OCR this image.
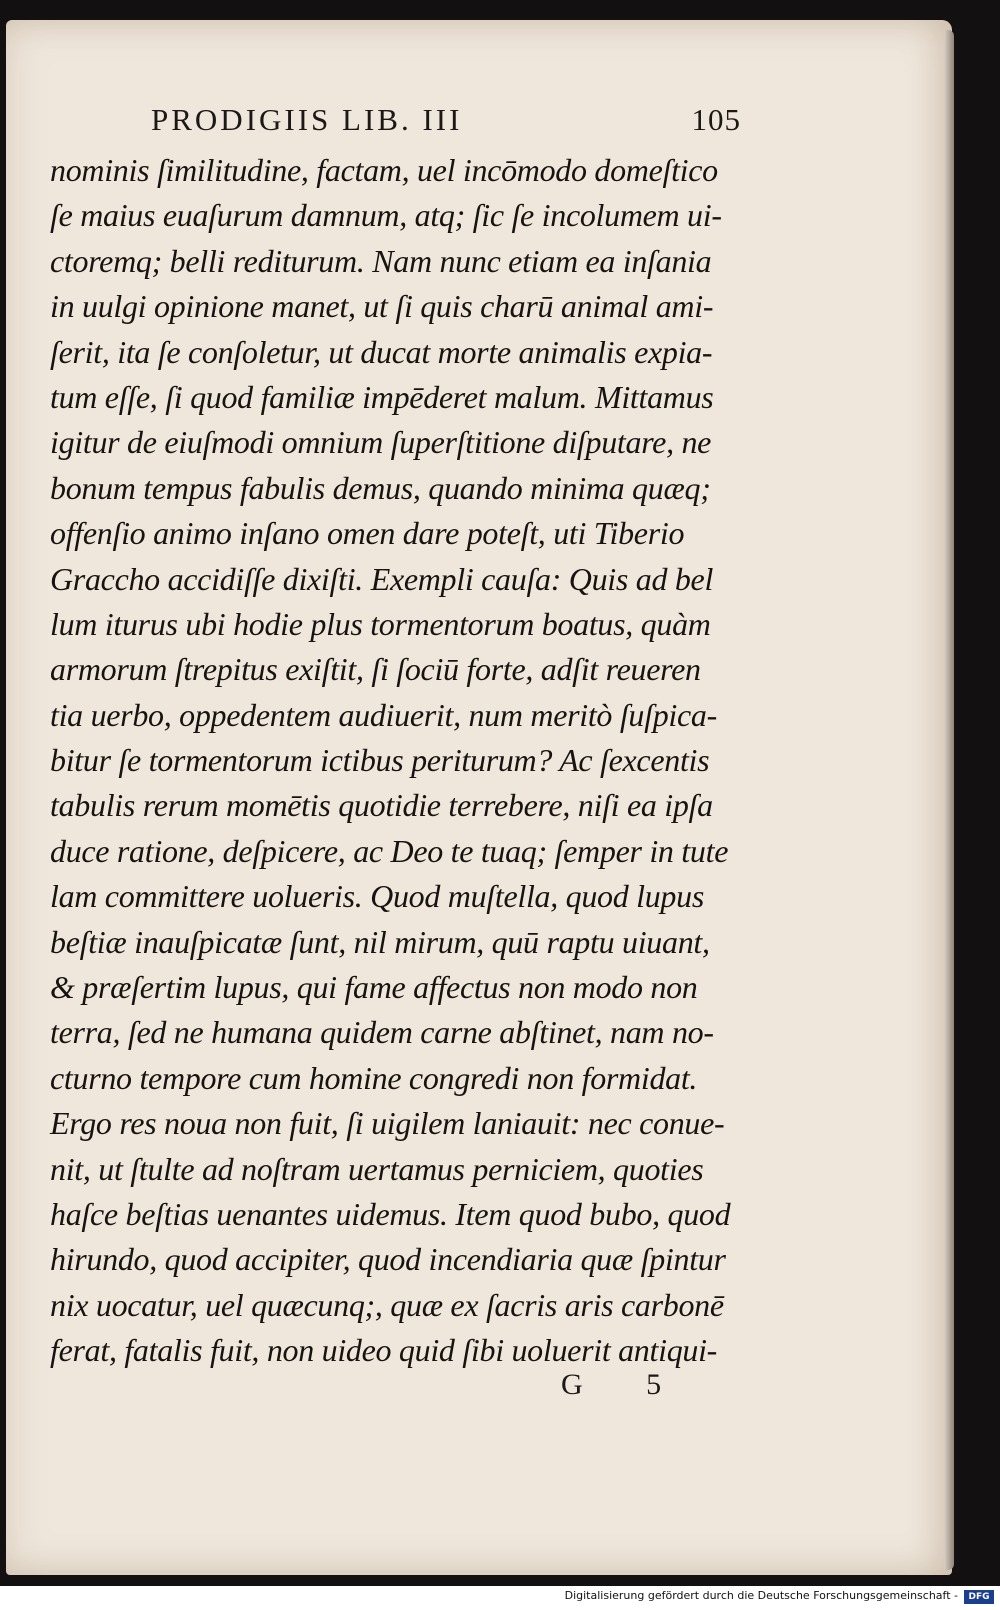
PRODIGIIS LIB. III	105
nominis ſimilitudine, factam, uel incōmodo domeſtico
ſe maius euaſurum damnum, atq; ſic ſe incolumem ui-
ctoremq; belli rediturum. Nam nunc etiam ea inſania
in uulgi opinione manet, ut ſi quis charū animal ami-
ſerit, ita ſe conſoletur, ut ducat morte animalis expia-
tum eſſe, ſi quod familiæ impēderet malum. Mittamus
igitur de eiuſmodi omnium ſuperſtitione diſputare, ne
bonum tempus fabulis demus, quando minima quæq;
offenſio animo inſano omen dare poteſt, uti Tiberio
Graccho accidiſſe dixiſti. Exempli cauſa: Quis ad bel
lum iturus ubi hodie plus tormentorum boatus, quàm
armorum ſtrepitus exiſtit, ſi ſociū forte, adſit reueren
tia uerbo, oppedentem audiuerit, num meritò ſuſpica-
bitur ſe tormentorum ictibus periturum? Ac ſexcentis
tabulis rerum momētis quotidie terrebere, niſi ea ipſa
duce ratione, deſpicere, ac Deo te tuaq; ſemper in tute
lam committere uolueris. Quod muſtella, quod lupus
beſtiæ inauſpicatæ ſunt, nil mirum, quū raptu uiuant,
& præſertim lupus, qui fame affectus non modo non
terra, ſed ne humana quidem carne abſtinet, nam no-
cturno tempore cum homine congredi non formidat.
Ergo res noua non fuit, ſi uigilem laniauit: nec conue-
nit, ut ſtulte ad noſtram uertamus perniciem, quoties
haſce beſtias uenantes uidemus. Item quod bubo, quod
hirundo, quod accipiter, quod incendiaria quæ ſpintur
nix uocatur, uel quæcunq;, quæ ex ſacris aris carbonē
ferat, fatalis fuit, non uideo quid ſibi uoluerit antiqui-
G 5
Digitalisierung gefördert durch die Deutsche Forschungsgemeinschaft -	DFG
